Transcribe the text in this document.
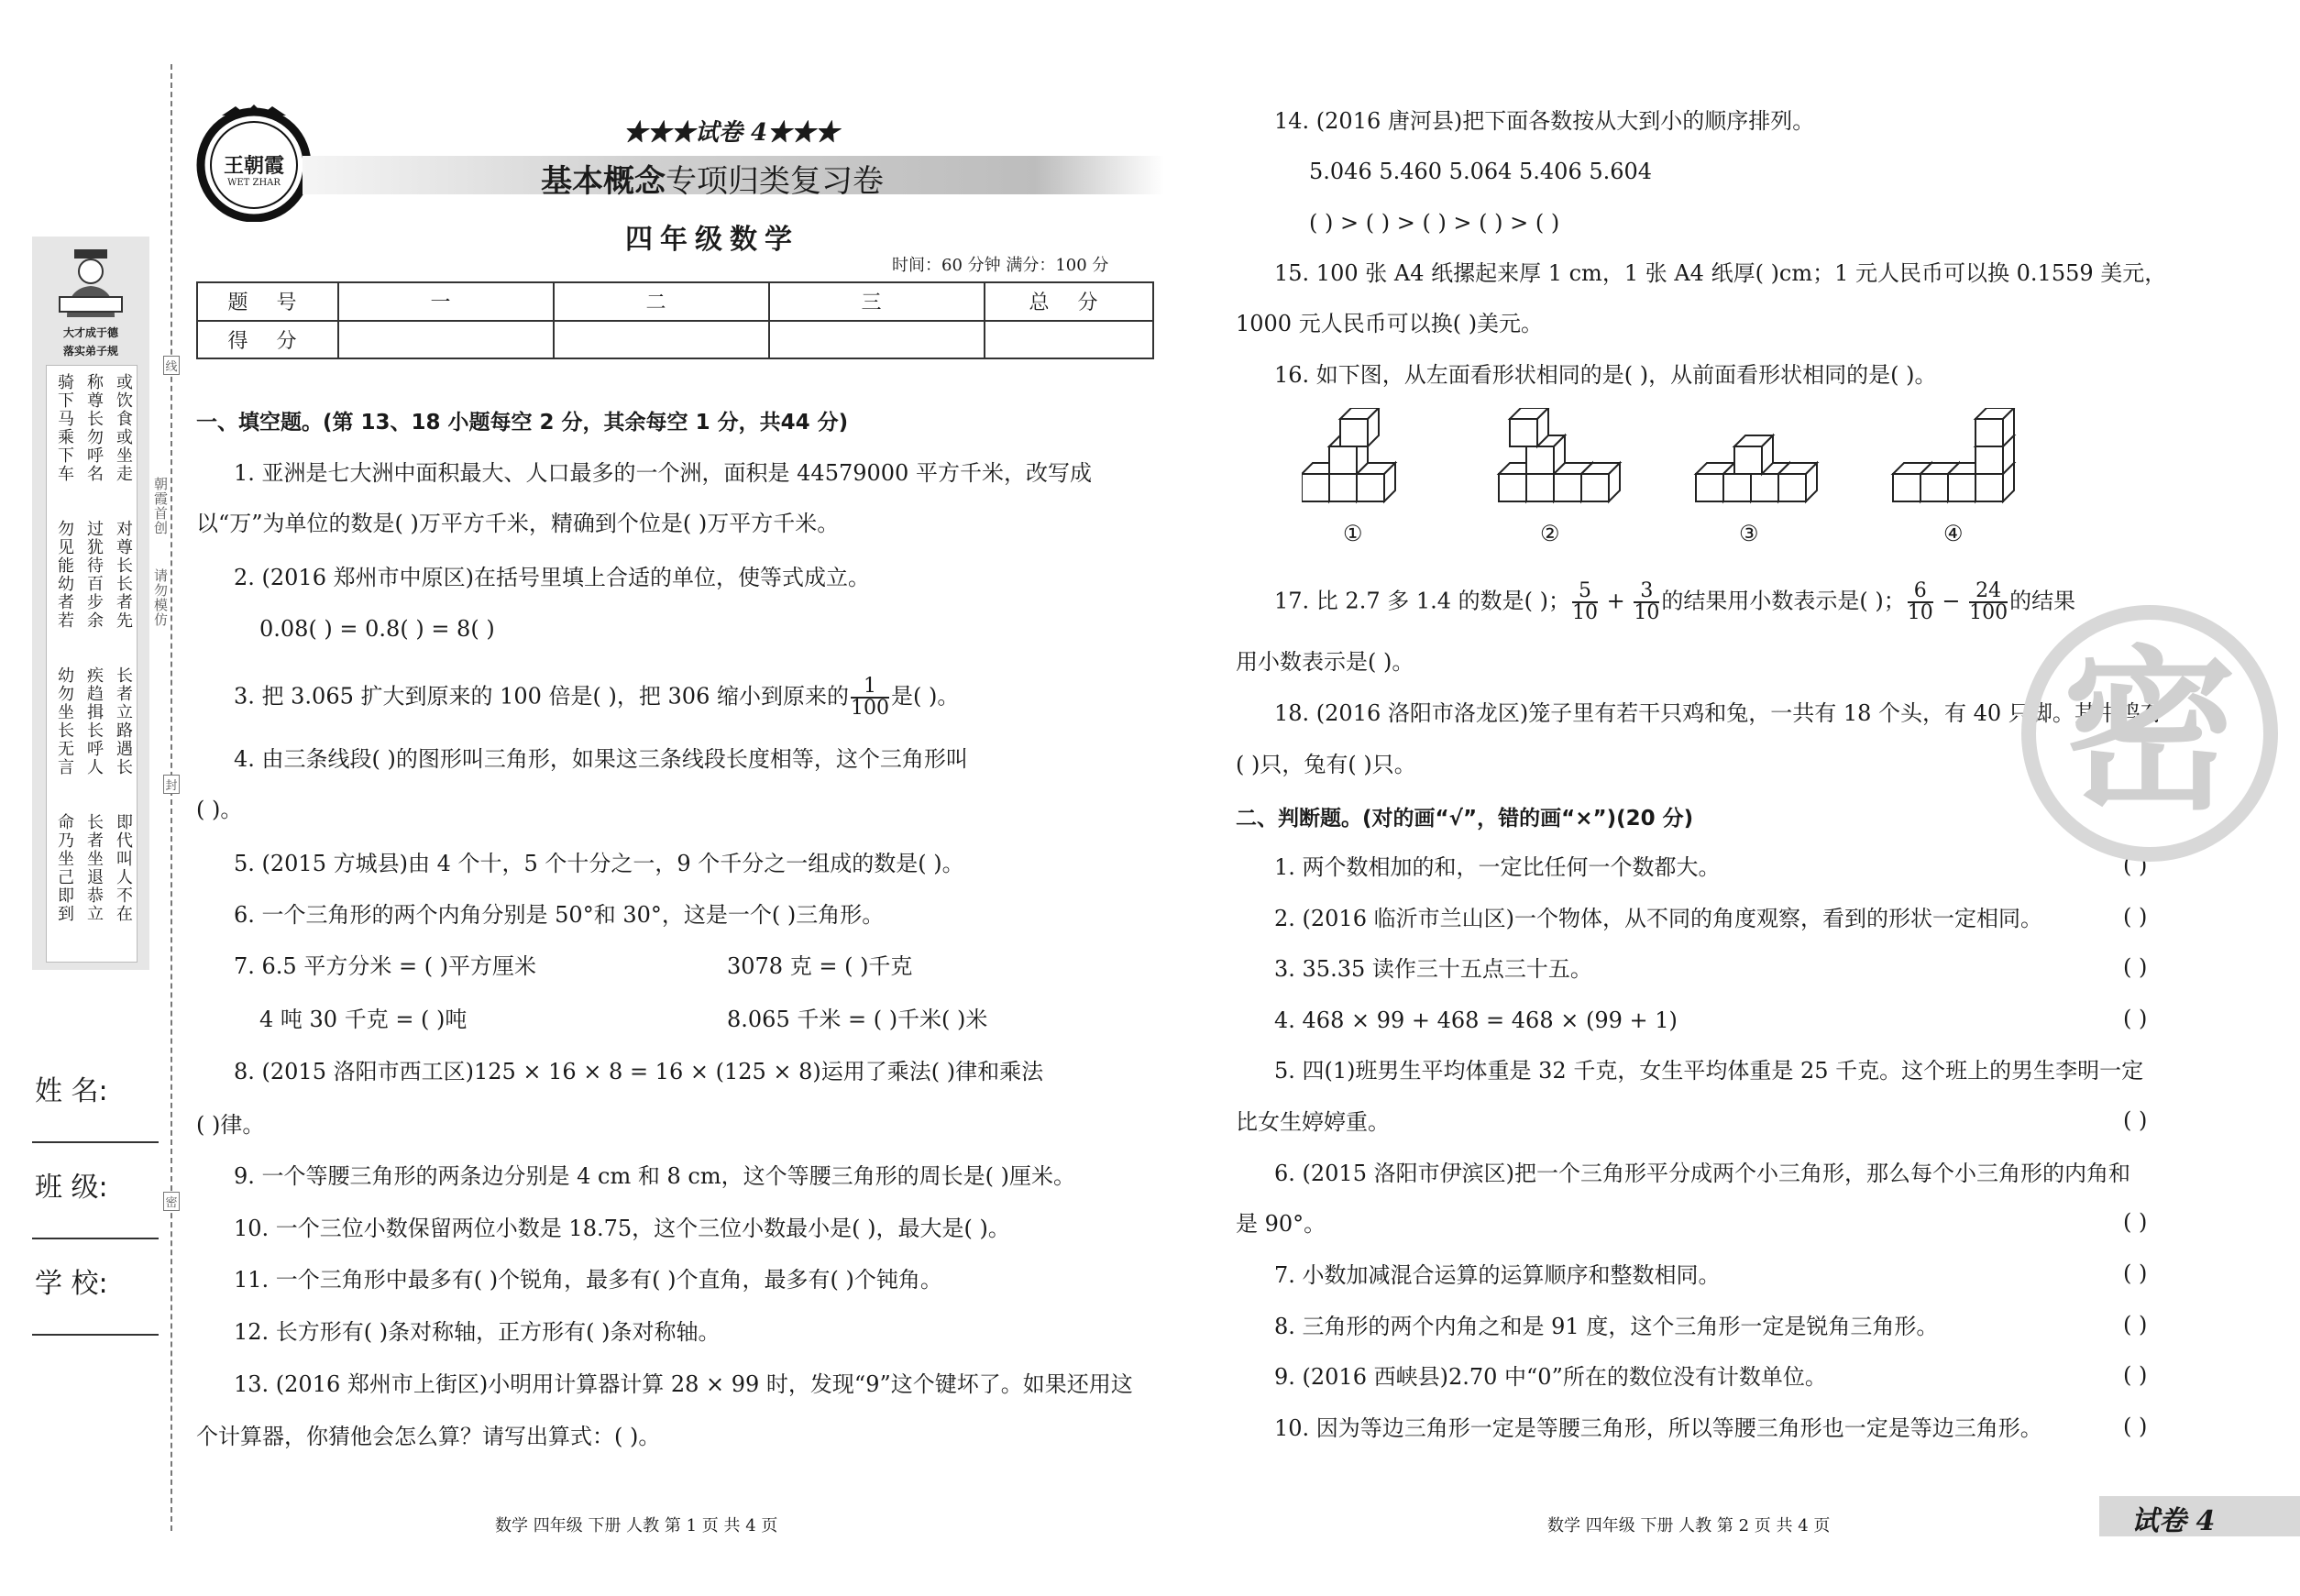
大才成于德
落实弟子规
或饮食或坐走
称尊长勿呼名
骑下马乘下车
对尊长长者先
过犹待百步余
勿见能幼者若
长者立路遇长
疾趋揖长呼人
幼勿坐长无言
即代叫人不在
长者坐退恭立
命乃坐己即到
姓 名:
班 级:
学 校:
朝霞首创
请勿模仿
线
封
密
王朝霞
WET ZHAR
★★★试卷 4★★★
基本概念专项归类复习卷
四年级数学
时间：60 分钟 满分：100 分
题 号	一	二	三	总 分
得 分				
一、填空题。(第 13、18 小题每空 2 分，其余每空 1 分，共44 分)
1. 亚洲是七大洲中面积最大、人口最多的一个洲，面积是 44579000 平方千米，改写成
以“万”为单位的数是( )万平方千米，精确到个位是( )万平方千米。
2. (2016 郑州市中原区)在括号里填上合适的单位，使等式成立。
0.08( ) = 0.8( ) = 8( )
3. 把 3.065 扩大到原来的 100 倍是( )，把 306 缩小到原来的 $\frac{1}{100}$ 是( )。
4. 由三条线段( )的图形叫三角形，如果这三条线段长度相等，这个三角形叫
( )。
5. (2015 方城县)由 4 个十，5 个十分之一，9 个千分之一组成的数是( )。
6. 一个三角形的两个内角分别是 50°和 30°，这是一个( )三角形。
7. 6.5 平方分米 = ( )平方厘米	3078 克 = ( )千克
4 吨 30 千克 = ( )吨	8.065 千米 = ( )千米( )米
8. (2015 洛阳市西工区)125 × 16 × 8 = 16 × (125 × 8)运用了乘法( )律和乘法
( )律。
9. 一个等腰三角形的两条边分别是 4 cm 和 8 cm，这个等腰三角形的周长是( )厘米。
10. 一个三位小数保留两位小数是 18.75，这个三位小数最小是( )，最大是( )。
11. 一个三角形中最多有( )个锐角，最多有( )个直角，最多有( )个钝角。
12. 长方形有( )条对称轴，正方形有( )条对称轴。
13. (2016 郑州市上街区)小明用计算器计算 28 × 99 时，发现“9”这个键坏了。如果还用这
个计算器，你猜他会怎么算？请写出算式：( )。
14. (2016 唐河县)把下面各数按从大到小的顺序排列。
5.046 5.460 5.064 5.406 5.604
( ) > ( ) > ( ) > ( ) > ( )
15. 100 张 A4 纸摞起来厚 1 cm，1 张 A4 纸厚( )cm；1 元人民币可以换 0.1559 美元，
1000 元人民币可以换( )美元。
16. 如下图，从左面看形状相同的是( )，从前面看形状相同的是( )。
①	②	③	④
17. 比 2.7 多 1.4 的数是( )； $\frac{5}{10} + \frac{3}{10}$ 的结果用小数表示是( )； $\frac{6}{10} - \frac{24}{100}$ 的结果
用小数表示是( )。
18. (2016 洛阳市洛龙区)笼子里有若干只鸡和兔，一共有 18 个头，有 40 只脚。其中鸡有
( )只，兔有( )只。
二、判断题。(对的画“√”，错的画“×”)(20 分)
1. 两个数相加的和，一定比任何一个数都大。	( )
2. (2016 临沂市兰山区)一个物体，从不同的角度观察，看到的形状一定相同。	( )
3. 35.35 读作三十五点三十五。	( )
4. 468 × 99 + 468 = 468 × (99 + 1)	( )
5. 四(1)班男生平均体重是 32 千克，女生平均体重是 25 千克。这个班上的男生李明一定
比女生婷婷重。	( )
6. (2015 洛阳市伊滨区)把一个三角形平分成两个小三角形，那么每个小三角形的内角和
是 90°。	( )
7. 小数加减混合运算的运算顺序和整数相同。	( )
8. 三角形的两个内角之和是 91 度，这个三角形一定是锐角三角形。	( )
9. (2016 西峡县)2.70 中“0”所在的数位没有计数单位。	( )
10. 因为等边三角形一定是等腰三角形，所以等腰三角形也一定是等边三角形。	( )
密
数学 四年级 下册 人教 第 1 页 共 4 页	数学 四年级 下册 人教 第 2 页 共 4 页	试卷 4
